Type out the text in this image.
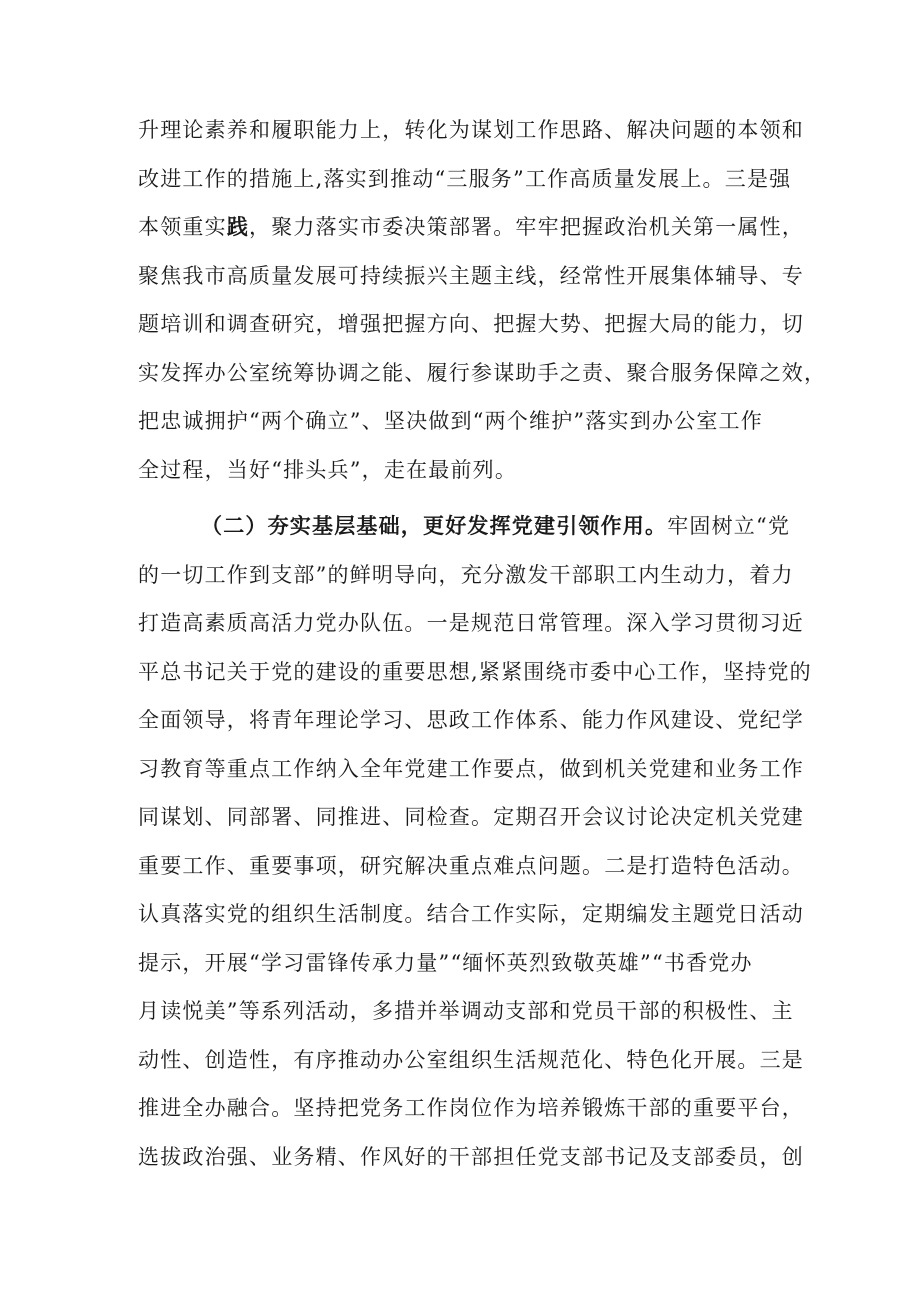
升理论素养和履职能力上，转化为谋划工作思路、解决问题的本领和
改进工作的措施上,落实到推动“三服务”工作高质量发展上。三是强
本领重实践，聚力落实市委决策部署。牢牢把握政治机关第一属性，
聚焦我市高质量发展可持续振兴主题主线，经常性开展集体辅导、专
题培训和调查研究，增强把握方向、把握大势、把握大局的能力，切
实发挥办公室统筹协调之能、履行参谋助手之责、聚合服务保障之效，
把忠诚拥护“两个确立”、坚决做到“两个维护”落实到办公室工作
全过程，当好“排头兵”，走在最前列。
（二）夯实基层基础，更好发挥党建引领作用。牢固树立“党
的一切工作到支部”的鲜明导向，充分激发干部职工内生动力，着力
打造高素质高活力党办队伍。一是规范日常管理。深入学习贯彻习近
平总书记关于党的建设的重要思想,紧紧围绕市委中心工作，坚持党的
全面领导，将青年理论学习、思政工作体系、能力作风建设、党纪学
习教育等重点工作纳入全年党建工作要点，做到机关党建和业务工作
同谋划、同部署、同推进、同检查。定期召开会议讨论决定机关党建
重要工作、重要事项，研究解决重点难点问题。二是打造特色活动。
认真落实党的组织生活制度。结合工作实际，定期编发主题党日活动
提示，开展“学习雷锋传承力量”“缅怀英烈致敬英雄”“书香党办
月读悦美”等系列活动，多措并举调动支部和党员干部的积极性、主
动性、创造性，有序推动办公室组织生活规范化、特色化开展。三是
推进全办融合。坚持把党务工作岗位作为培养锻炼干部的重要平台，
选拔政治强、业务精、作风好的干部担任党支部书记及支部委员，创
